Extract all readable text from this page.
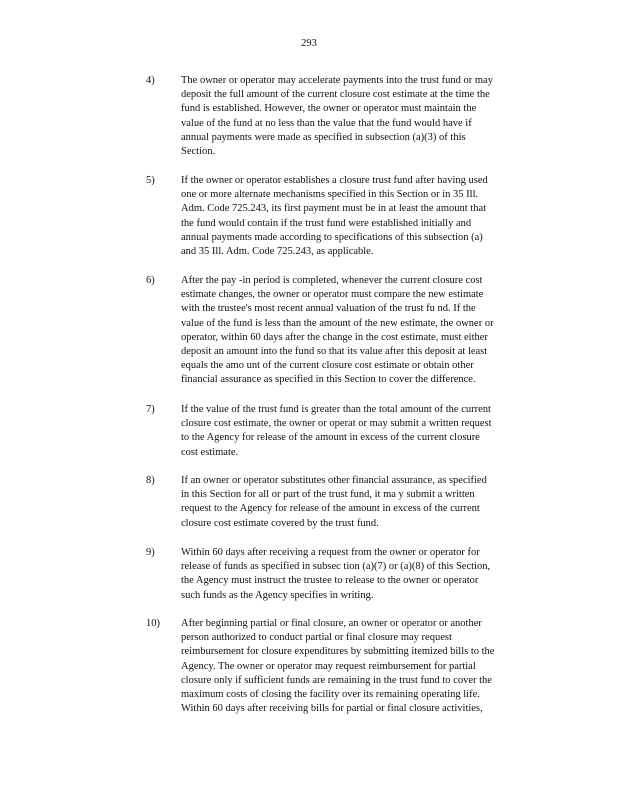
293
4)	The owner or operator may accelerate payments into the trust fund or may
deposit the full amount of the current closure cost estimate at the time the
fund is established. However, the owner or operator must maintain the
value of the fund at no less than the value that the fund would have if
annual payments were made as specified in subsection (a)(3) of this
Section.
5)	If the owner or operator establishes a closure trust fund after having used
one or more alternate mechanisms specified in this Section or in 35 Ill.
Adm. Code 725.243, its first payment must be in at least the amount that
the fund would contain if the trust fund were established initially and
annual payments made according to specifications of this subsection (a)
and 35 Ill. Adm. Code 725.243, as applicable.
6)	After the pay -in period is completed, whenever the current closure cost
estimate changes, the owner or operator must compare the new estimate
with the trustee's most recent annual valuation of the trust fu nd. If the
value of the fund is less than the amount of the new estimate, the owner or
operator, within 60 days after the change in the cost estimate, must either
deposit an amount into the fund so that its value after this deposit at least
equals the amo unt of the current closure cost estimate or obtain other
financial assurance as specified in this Section to cover the difference.
7)	If the value of the trust fund is greater than the total amount of the current
closure cost estimate, the owner or operat or may submit a written request
to the Agency for release of the amount in excess of the current closure
cost estimate.
8)	If an owner or operator substitutes other financial assurance, as specified
in this Section for all or part of the trust fund, it ma y submit a written
request to the Agency for release of the amount in excess of the current
closure cost estimate covered by the trust fund.
9)	Within 60 days after receiving a request from the owner or operator for
release of funds as specified in subsec tion (a)(7) or (a)(8) of this Section,
the Agency must instruct the trustee to release to the owner or operator
such funds as the Agency specifies in writing.
10)	After beginning partial or final closure, an owner or operator or another
person authorized to conduct partial or final closure may request
reimbursement for closure expenditures by submitting itemized bills to the
Agency. The owner or operator may request reimbursement for partial
closure only if sufficient funds are remaining in the trust fund to cover the
maximum costs of closing the facility over its remaining operating life.
Within 60 days after receiving bills for partial or final closure activities,
